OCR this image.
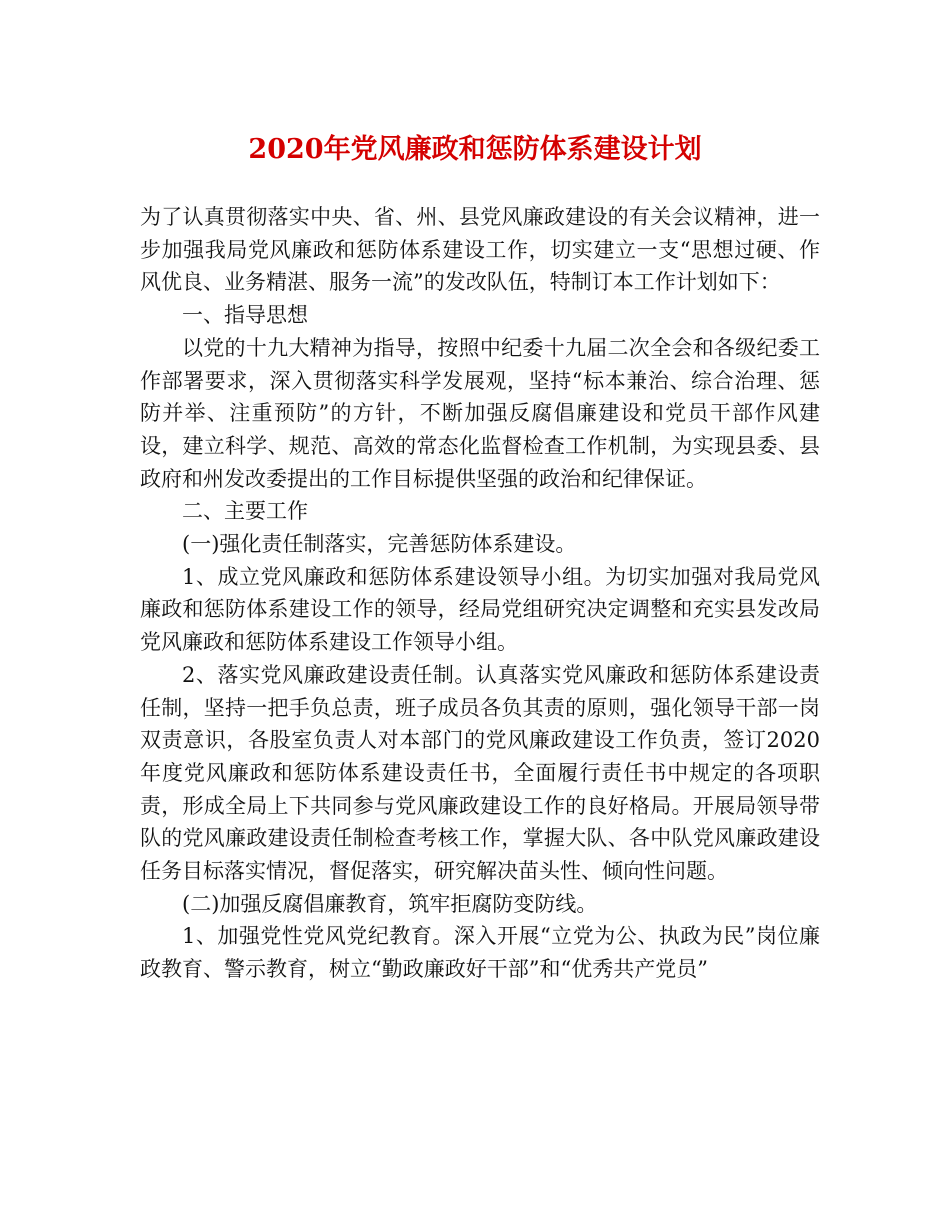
2020年党风廉政和惩防体系建设计划

为了认真贯彻落实中央、省、州、县党风廉政建设的有关会议精神，进一步加强我局党风廉政和惩防体系建设工作，切实建立一支“思想过硬、作风优良、业务精湛、服务一流”的发改队伍，特制订本工作计划如下：

一、指导思想

以党的十九大精神为指导，按照中纪委十九届二次全会和各级纪委工作部署要求，深入贯彻落实科学发展观，坚持“标本兼治、综合治理、惩防并举、注重预防”的方针，不断加强反腐倡廉建设和党员干部作风建设，建立科学、规范、高效的常态化监督检查工作机制，为实现县委、县政府和州发改委提出的工作目标提供坚强的政治和纪律保证。

二、主要工作

(一)强化责任制落实，完善惩防体系建设。

1、成立党风廉政和惩防体系建设领导小组。为切实加强对我局党风廉政和惩防体系建设工作的领导，经局党组研究决定调整和充实县发改局党风廉政和惩防体系建设工作领导小组。

2、落实党风廉政建设责任制。认真落实党风廉政和惩防体系建设责任制，坚持一把手负总责，班子成员各负其责的原则，强化领导干部一岗双责意识，各股室负责人对本部门的党风廉政建设工作负责，签订2020年度党风廉政和惩防体系建设责任书，全面履行责任书中规定的各项职责，形成全局上下共同参与党风廉政建设工作的良好格局。开展局领导带队的党风廉政建设责任制检查考核工作，掌握大队、各中队党风廉政建设任务目标落实情况，督促落实，研究解决苗头性、倾向性问题。

(二)加强反腐倡廉教育，筑牢拒腐防变防线。

1、加强党性党风党纪教育。深入开展“立党为公、执政为民”岗位廉政教育、警示教育，树立“勤政廉政好干部”和“优秀共产党员”
